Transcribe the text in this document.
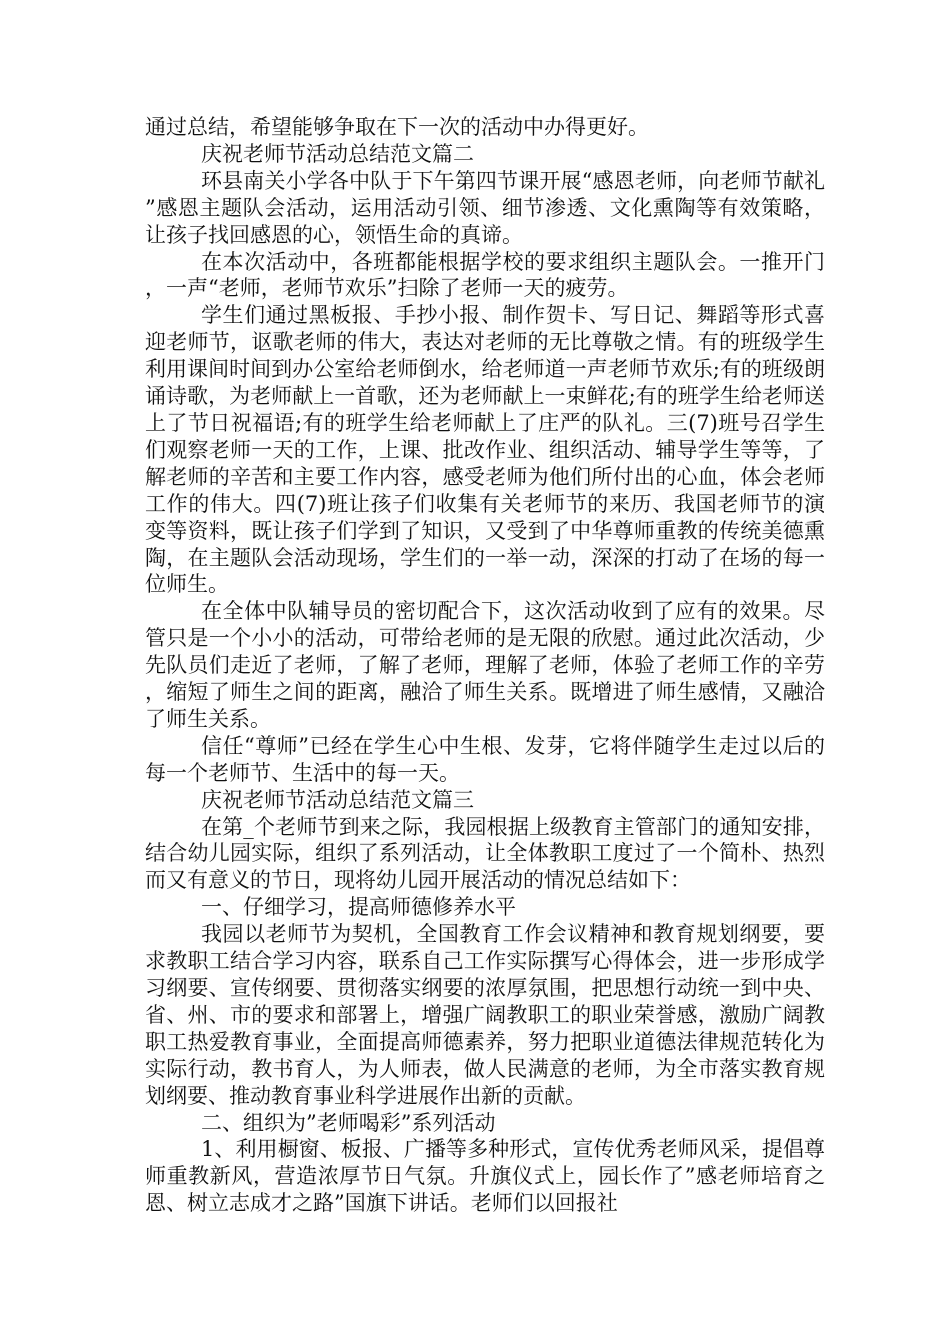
通过总结，希望能够争取在下一次的活动中办得更好。

庆祝老师节活动总结范文篇二

环县南关小学各中队于下午第四节课开展“感恩老师，向老师节献礼”感恩主题队会活动，运用活动引领、细节渗透、文化熏陶等有效策略，让孩子找回感恩的心，领悟生命的真谛。

在本次活动中，各班都能根据学校的要求组织主题队会。一推开门，一声“老师，老师节欢乐”扫除了老师一天的疲劳。

学生们通过黑板报、手抄小报、制作贺卡、写日记、舞蹈等形式喜迎老师节，讴歌老师的伟大，表达对老师的无比尊敬之情。有的班级学生利用课间时间到办公室给老师倒水，给老师道一声老师节欢乐;有的班级朗诵诗歌，为老师献上一首歌，还为老师献上一束鲜花;有的班学生给老师送上了节日祝福语;有的班学生给老师献上了庄严的队礼。三(7)班号召学生们观察老师一天的工作，上课、批改作业、组织活动、辅导学生等等，了解老师的辛苦和主要工作内容，感受老师为他们所付出的心血，体会老师工作的伟大。四(7)班让孩子们收集有关老师节的来历、我国老师节的演变等资料，既让孩子们学到了知识，又受到了中华尊师重教的传统美德熏陶，在主题队会活动现场，学生们的一举一动，深深的打动了在场的每一位师生。

在全体中队辅导员的密切配合下，这次活动收到了应有的效果。尽管只是一个小小的活动，可带给老师的是无限的欣慰。通过此次活动，少先队员们走近了老师，了解了老师，理解了老师，体验了老师工作的辛劳，缩短了师生之间的距离，融洽了师生关系。既增进了师生感情，又融洽了师生关系。

信任“尊师”已经在学生心中生根、发芽，它将伴随学生走过以后的每一个老师节、生活中的每一天。

庆祝老师节活动总结范文篇三

在第_个老师节到来之际，我园根据上级教育主管部门的通知安排，结合幼儿园实际，组织了系列活动，让全体教职工度过了一个简朴、热烈而又有意义的节日，现将幼儿园开展活动的情况总结如下：

一、仔细学习，提高师德修养水平

我园以老师节为契机，全国教育工作会议精神和教育规划纲要，要求教职工结合学习内容，联系自己工作实际撰写心得体会，进一步形成学习纲要、宣传纲要、贯彻落实纲要的浓厚氛围，把思想行动统一到中央、省、州、市的要求和部署上，增强广阔教职工的职业荣誉感，激励广阔教职工热爱教育事业，全面提高师德素养，努力把职业道德法律规范转化为实际行动，教书育人，为人师表，做人民满意的老师，为全市落实教育规划纲要、推动教育事业科学进展作出新的贡献。

二、组织为”老师喝彩”系列活动

1、利用橱窗、板报、广播等多种形式，宣传优秀老师风采，提倡尊师重教新风，营造浓厚节日气氛。升旗仪式上，园长作了”感老师培育之恩、树立志成才之路”国旗下讲话。老师们以回报社
